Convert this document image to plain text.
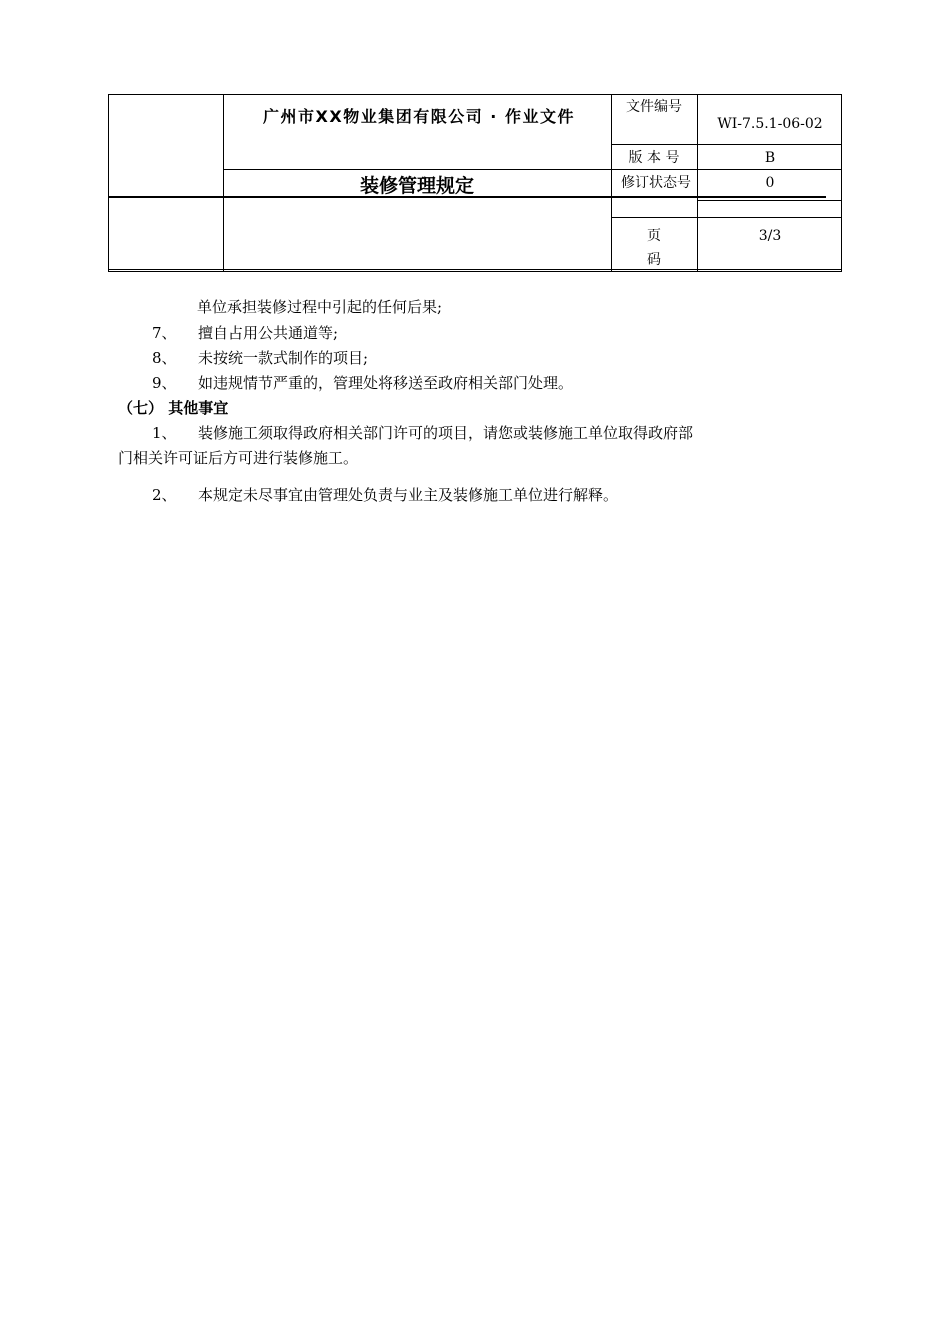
广州市XX物业集团有限公司 · 作业文件
装修管理规定
文件编号
WI-7.5.1-06-02
版 本 号	B
修订状态号	0
页码
3/3
单位承担装修过程中引起的任何后果;
7、 擅自占用公共通道等;
8、 未按统一款式制作的项目;
9、 如违规情节严重的，管理处将移送至政府相关部门处理。
（七） 其他事宜
1、 装修施工须取得政府相关部门许可的项目，请您或装修施工单位取得政府部
门相关许可证后方可进行装修施工。
2、 本规定未尽事宜由管理处负责与业主及装修施工单位进行解释。
